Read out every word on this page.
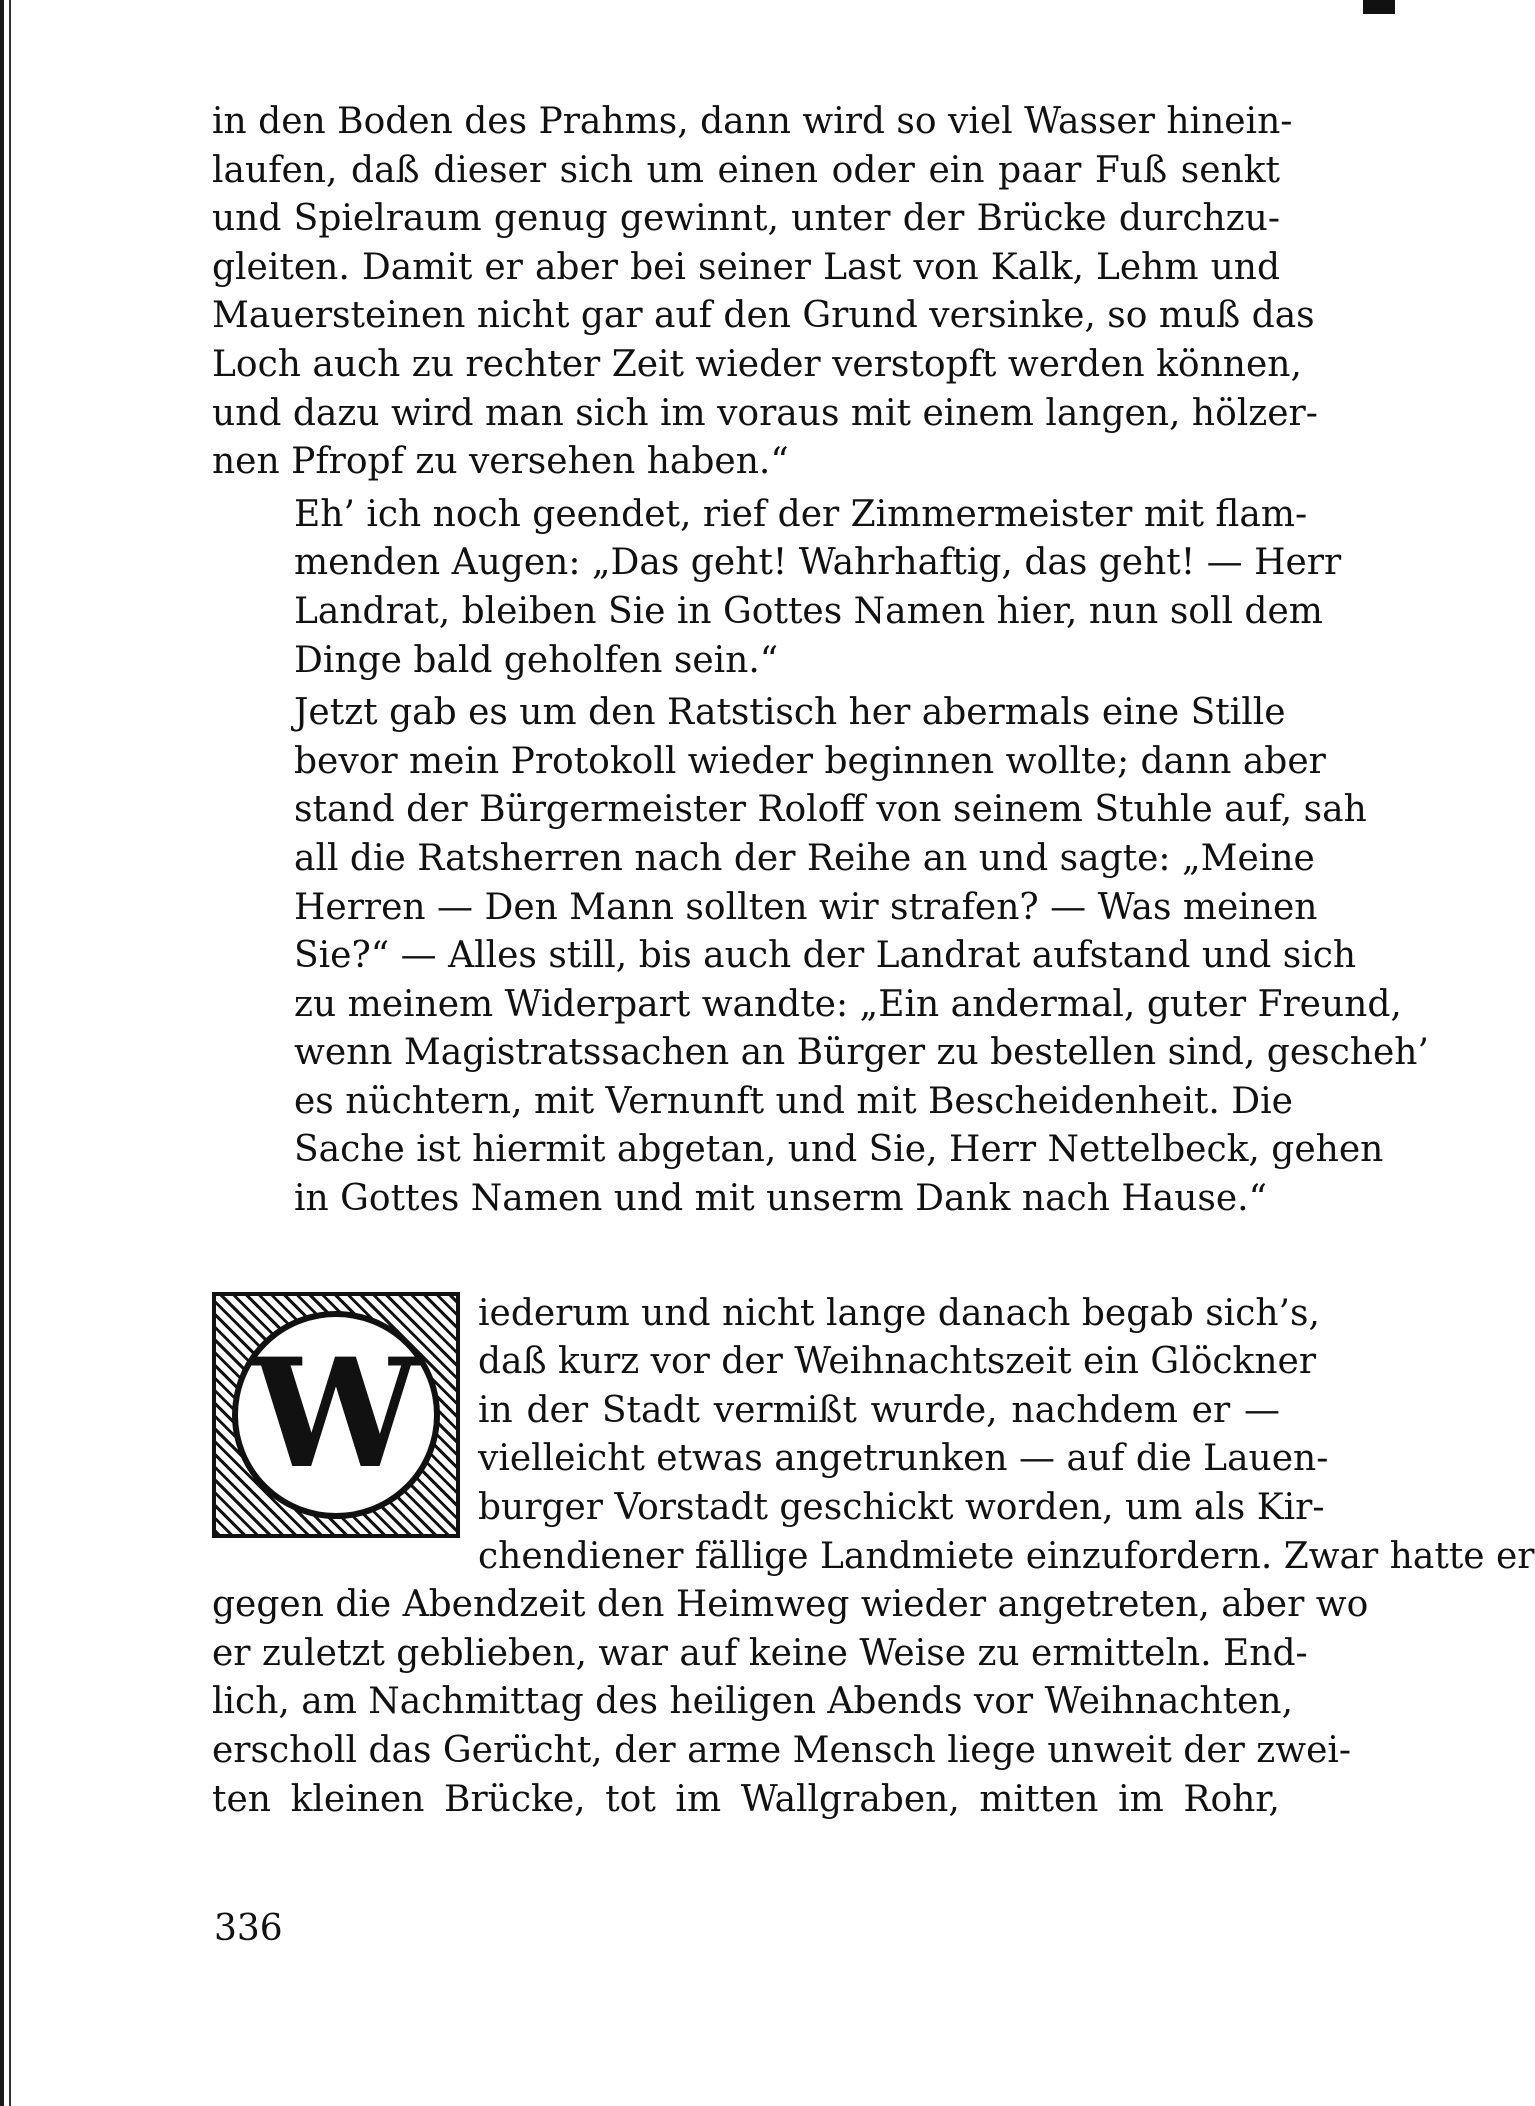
in den Boden des Prahms, dann wird so viel Wasser hinein-
laufen, daß dieser sich um einen oder ein paar Fuß senkt
und Spielraum genug gewinnt, unter der Brücke durchzu-
gleiten. Damit er aber bei seiner Last von Kalk, Lehm und
Mauersteinen nicht gar auf den Grund versinke, so muß das
Loch auch zu rechter Zeit wieder verstopft werden können,
und dazu wird man sich im voraus mit einem langen, hölzer-
nen Pfropf zu versehen haben.“

Eh’ ich noch geendet, rief der Zimmermeister mit flam-
menden Augen: „Das geht! Wahrhaftig, das geht! — Herr
Landrat, bleiben Sie in Gottes Namen hier, nun soll dem
Dinge bald geholfen sein.“

Jetzt gab es um den Ratstisch her abermals eine Stille
bevor mein Protokoll wieder beginnen wollte; dann aber
stand der Bürgermeister Roloff von seinem Stuhle auf, sah
all die Ratsherren nach der Reihe an und sagte: „Meine
Herren — Den Mann sollten wir strafen? — Was meinen
Sie?“ — Alles still, bis auch der Landrat aufstand und sich
zu meinem Widerpart wandte: „Ein andermal, guter Freund,
wenn Magistratssachen an Bürger zu bestellen sind, gescheh’
es nüchtern, mit Vernunft und mit Bescheidenheit. Die
Sache ist hiermit abgetan, und Sie, Herr Nettelbeck, gehen
in Gottes Namen und mit unserm Dank nach Hause.“

W
iederum und nicht lange danach begab sich’s,
daß kurz vor der Weihnachtszeit ein Glöckner
in der Stadt vermißt wurde, nachdem er —
vielleicht etwas angetrunken — auf die Lauen-
burger Vorstadt geschickt worden, um als Kir-
chendiener fällige Landmiete einzufordern. Zwar hatte er
gegen die Abendzeit den Heimweg wieder angetreten, aber wo
er zuletzt geblieben, war auf keine Weise zu ermitteln. End-
lich, am Nachmittag des heiligen Abends vor Weihnachten,
erscholl das Gerücht, der arme Mensch liege unweit der zwei-
ten kleinen Brücke, tot im Wallgraben, mitten im Rohr,
336
